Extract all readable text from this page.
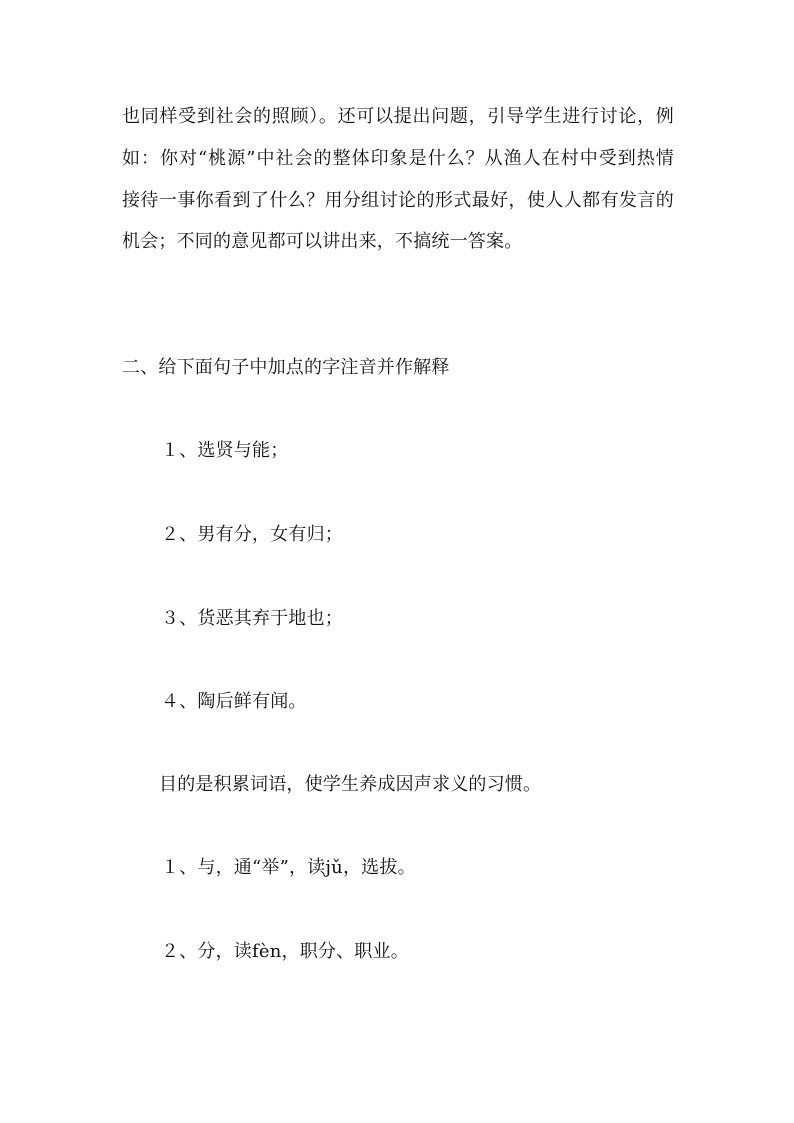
也同样受到社会的照顾）。还可以提出问题，引导学生进行讨论，例
如：你对“桃源”中社会的整体印象是什么？从渔人在村中受到热情
接待一事你看到了什么？用分组讨论的形式最好，使人人都有发言的
机会；不同的意见都可以讲出来，不搞统一答案。
二、给下面句子中加点的字注音并作解释
１、选贤与能；
２、男有分，女有归；
３、货恶其弃于地也；
４、陶后鲜有闻。
目的是积累词语，使学生养成因声求义的习惯。
１、与，通“举”，读jǔ，选拔。
２、分，读fèn，职分、职业。
